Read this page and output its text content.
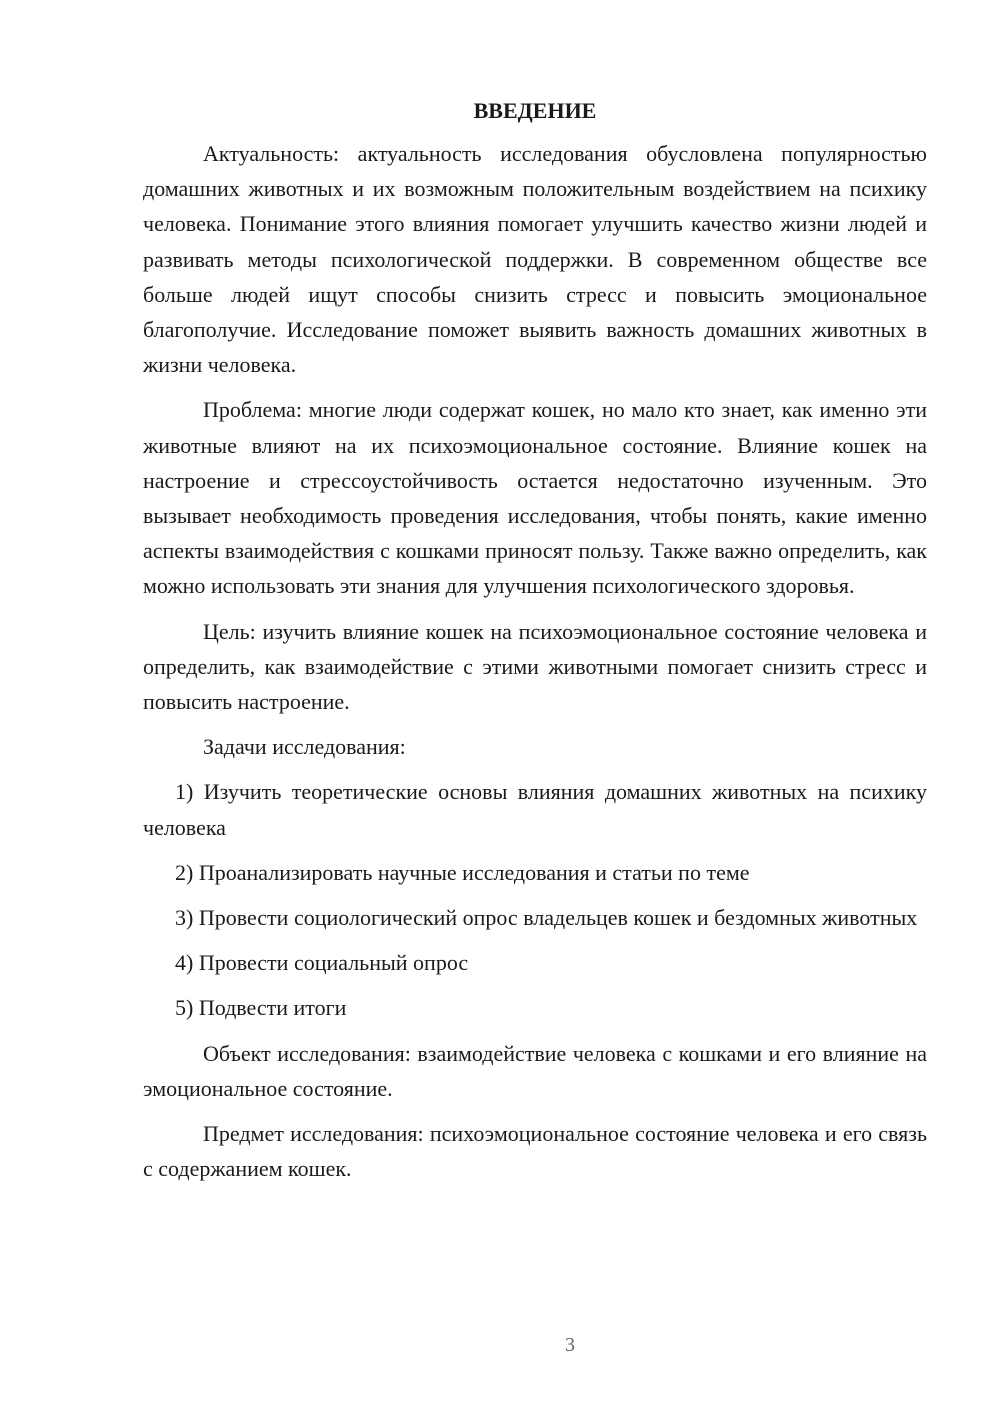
ВВЕДЕНИЕ

Актуальность: актуальность исследования обусловлена популярностью домашних животных и их возможным положительным воздействием на психику человека. Понимание этого влияния помогает улучшить качество жизни людей и развивать методы психологической поддержки. В современном обществе все больше людей ищут способы снизить стресс и повысить эмоциональное благополучие. Исследование поможет выявить важность домашних животных в жизни человека.

Проблема: многие люди содержат кошек, но мало кто знает, как именно эти животные влияют на их психоэмоциональное состояние. Влияние кошек на настроение и стрессоустойчивость остается недостаточно изученным. Это вызывает необходимость проведения исследования, чтобы понять, какие именно аспекты взаимодействия с кошками приносят пользу. Также важно определить, как можно использовать эти знания для улучшения психологического здоровья.

Цель: изучить влияние кошек на психоэмоциональное состояние человека и определить, как взаимодействие с этими животными помогает снизить стресс и повысить настроение.

Задачи исследования:

1) Изучить теоретические основы влияния домашних животных на психику человека

2) Проанализировать научные исследования и статьи по теме

3) Провести социологический опрос владельцев кошек и бездомных животных

4) Провести социальный опрос

5) Подвести итоги

Объект исследования: взаимодействие человека с кошками и его влияние на эмоциональное состояние.

Предмет исследования: психоэмоциональное состояние человека и его связь с содержанием кошек.

3
